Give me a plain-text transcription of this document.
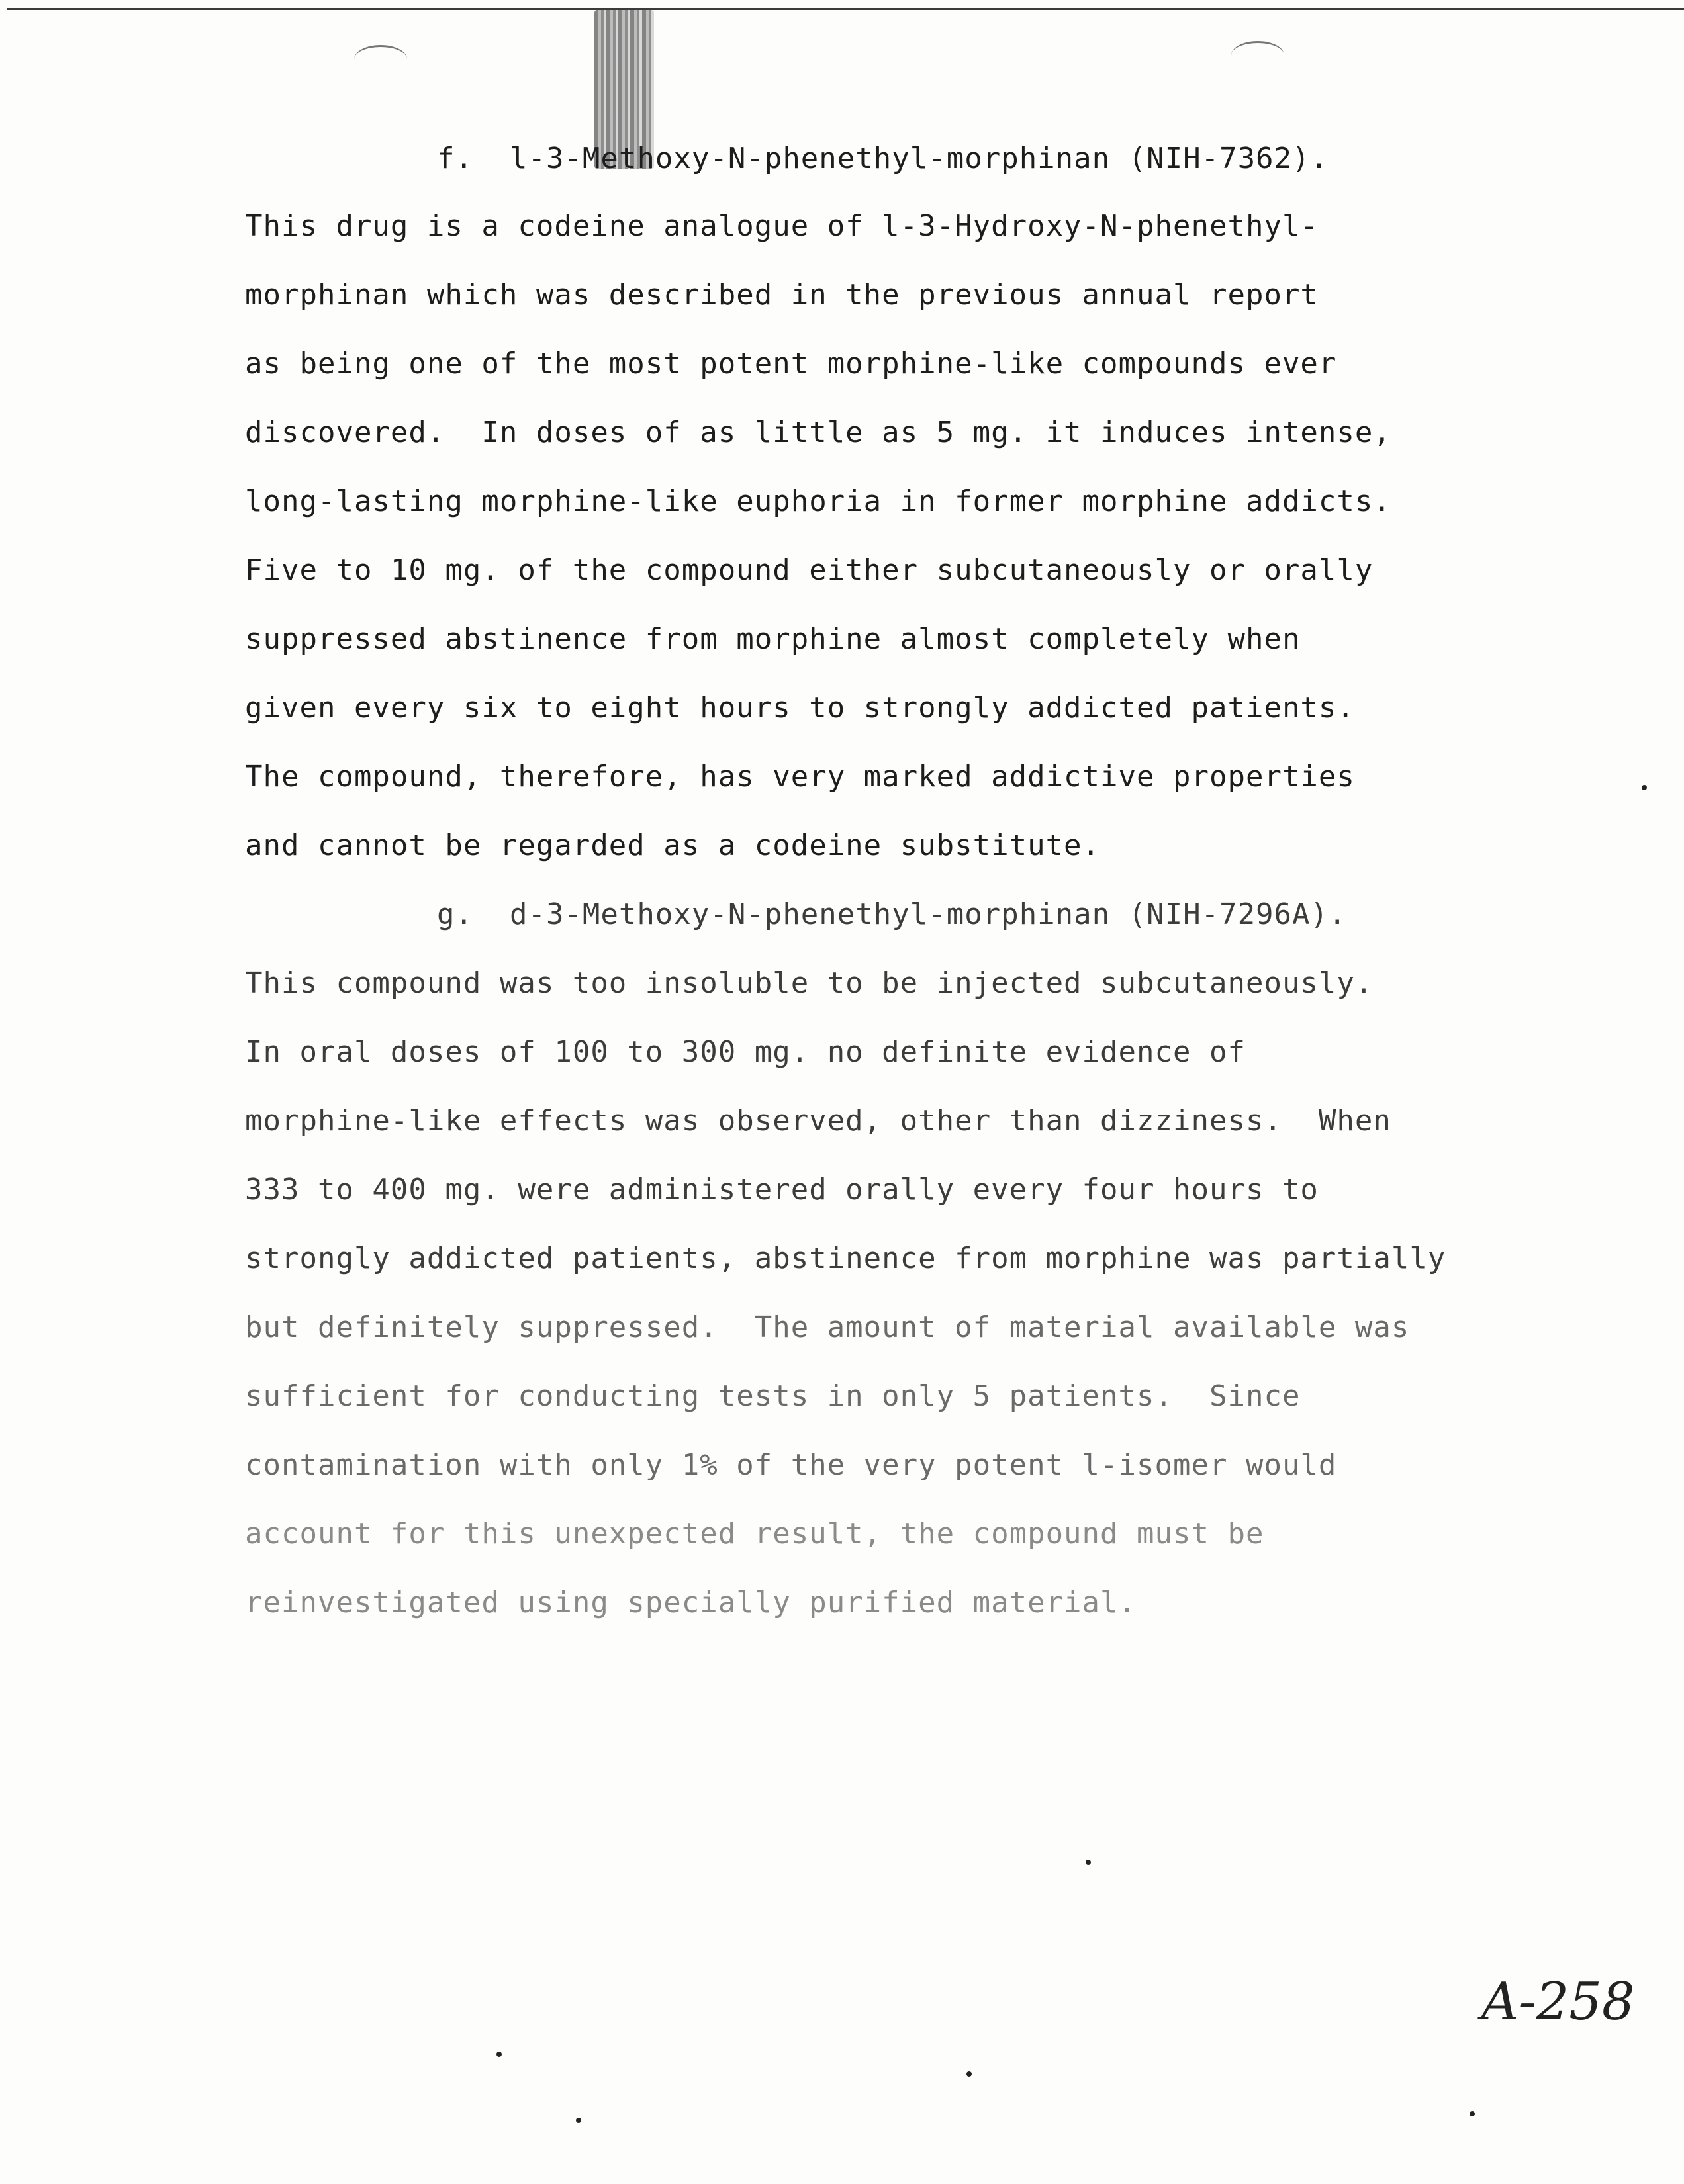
f.  l-3-Methoxy-N-phenethyl-morphinan (NIH-7362).
This drug is a codeine analogue of l-3-Hydroxy-N-phenethyl-
morphinan which was described in the previous annual report
as being one of the most potent morphine-like compounds ever
discovered.  In doses of as little as 5 mg. it induces intense,
long-lasting morphine-like euphoria in former morphine addicts.
Five to 10 mg. of the compound either subcutaneously or orally
suppressed abstinence from morphine almost completely when
given every six to eight hours to strongly addicted patients.
The compound, therefore, has very marked addictive properties
and cannot be regarded as a codeine substitute.
g.  d-3-Methoxy-N-phenethyl-morphinan (NIH-7296A).
This compound was too insoluble to be injected subcutaneously.
In oral doses of 100 to 300 mg. no definite evidence of
morphine-like effects was observed, other than dizziness.  When
333 to 400 mg. were administered orally every four hours to
strongly addicted patients, abstinence from morphine was partially
but definitely suppressed.  The amount of material available was
sufficient for conducting tests in only 5 patients.  Since
contamination with only 1% of the very potent l-isomer would
account for this unexpected result, the compound must be
reinvestigated using specially purified material.
A-258
